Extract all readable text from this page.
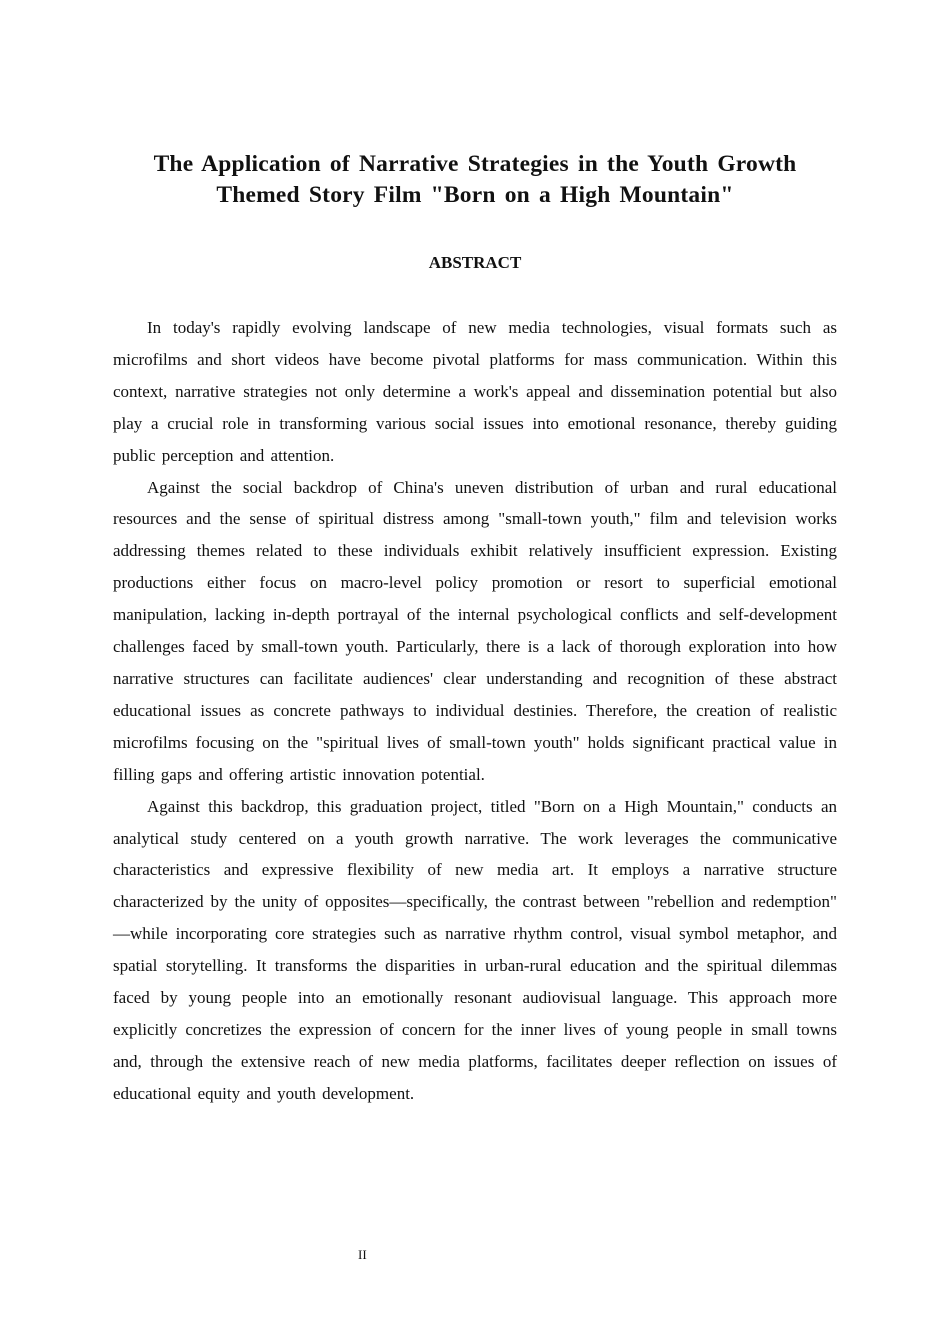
The Application of Narrative Strategies in the Youth Growth
Themed Story Film "Born on a High Mountain"
ABSTRACT

In today's rapidly evolving landscape of new media technologies, visual formats such as microfilms and short videos have become pivotal platforms for mass communication. Within this context, narrative strategies not only determine a work's appeal and dissemination potential but also play a crucial role in transforming various social issues into emotional resonance, thereby guiding public perception and attention.

Against the social backdrop of China's uneven distribution of urban and rural educational resources and the sense of spiritual distress among "small-town youth," film and television works addressing themes related to these individuals exhibit relatively insufficient expression. Existing productions either focus on macro-level policy promotion or resort to superficial emotional manipulation, lacking in-depth portrayal of the internal psychological conflicts and self-development challenges faced by small-town youth. Particularly, there is a lack of thorough exploration into how narrative structures can facilitate audiences' clear understanding and recognition of these abstract educational issues as concrete pathways to individual destinies. Therefore, the creation of realistic microfilms focusing on the "spiritual lives of small-town youth" holds significant practical value in filling gaps and offering artistic innovation potential.

Against this backdrop, this graduation project, titled "Born on a High Mountain," conducts an analytical study centered on a youth growth narrative. The work leverages the communicative characteristics and expressive flexibility of new media art. It employs a narrative structure characterized by the unity of opposites—specifically, the contrast between "rebellion and redemption" —while incorporating core strategies such as narrative rhythm control, visual symbol metaphor, and spatial storytelling. It transforms the disparities in urban-rural education and the spiritual dilemmas faced by young people into an emotionally resonant audiovisual language. This approach more explicitly concretizes the expression of concern for the inner lives of young people in small towns and, through the extensive reach of new media platforms, facilitates deeper reflection on issues of educational equity and youth development.

II
